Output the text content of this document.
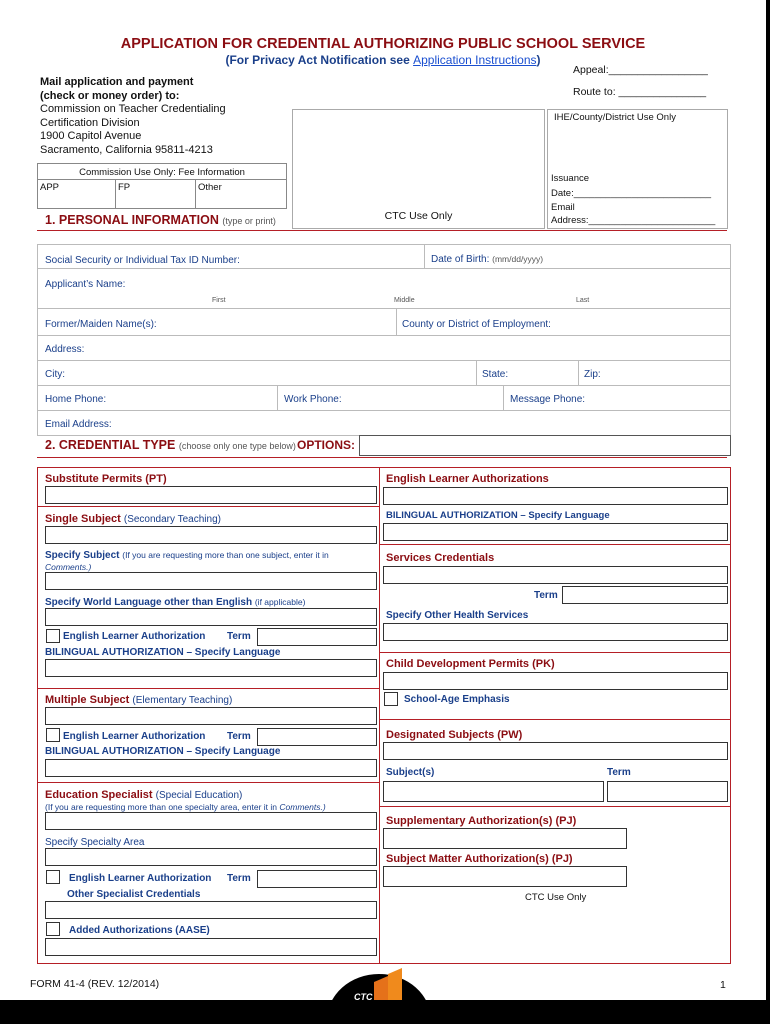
APPLICATION FOR CREDENTIAL AUTHORIZING PUBLIC SCHOOL SERVICE
(For Privacy Act Notification see Application Instructions)
Mail application and payment
(check or money order) to:
Commission on Teacher Credentialing
Certification Division
1900 Capitol Avenue
Sacramento, California 95811-4213
Commission Use Only: Fee Information
APP	FP	Other
CTC Use Only
Appeal:_________________
Route to: _______________
IHE/County/District Use Only
Issuance
Date:__________________________
Email
Address:________________________
1. PERSONAL INFORMATION (type or print)
Social Security or Individual Tax ID Number:	Date of Birth: (mm/dd/yyyy)
Applicant’s Name:
First	Middle	Last
Former/Maiden Name(s):	County or District of Employment:
Address:
City:	State:	Zip:
Home Phone:	Work Phone:	Message Phone:
Email Address:
2. CREDENTIAL TYPE (choose only one type below) OPTIONS:
Substitute Permits (PT)
Single Subject (Secondary Teaching)
Specify Subject (If you are requesting more than one subject, enter it in
Comments.)
Specify World Language other than English (if applicable)
English Learner Authorization Term
BILINGUAL AUTHORIZATION – Specify Language
Multiple Subject (Elementary Teaching)
English Learner Authorization Term
BILINGUAL AUTHORIZATION – Specify Language
Education Specialist (Special Education)
(If you are requesting more than one specialty area, enter it in Comments.)
Specify Specialty Area
English Learner Authorization Term
Other Specialist Credentials
Added Authorizations (AASE)
English Learner Authorizations
BILINGUAL AUTHORIZATION – Specify Language
Services Credentials
Term
Specify Other Health Services
Child Development Permits (PK)
School-Age Emphasis
Designated Subjects (PW)
Subject(s)	Term
Supplementary Authorization(s) (PJ)
Subject Matter Authorization(s) (PJ)
CTC Use Only
FORM 41-4 (REV. 12/2014)	1
CTC
